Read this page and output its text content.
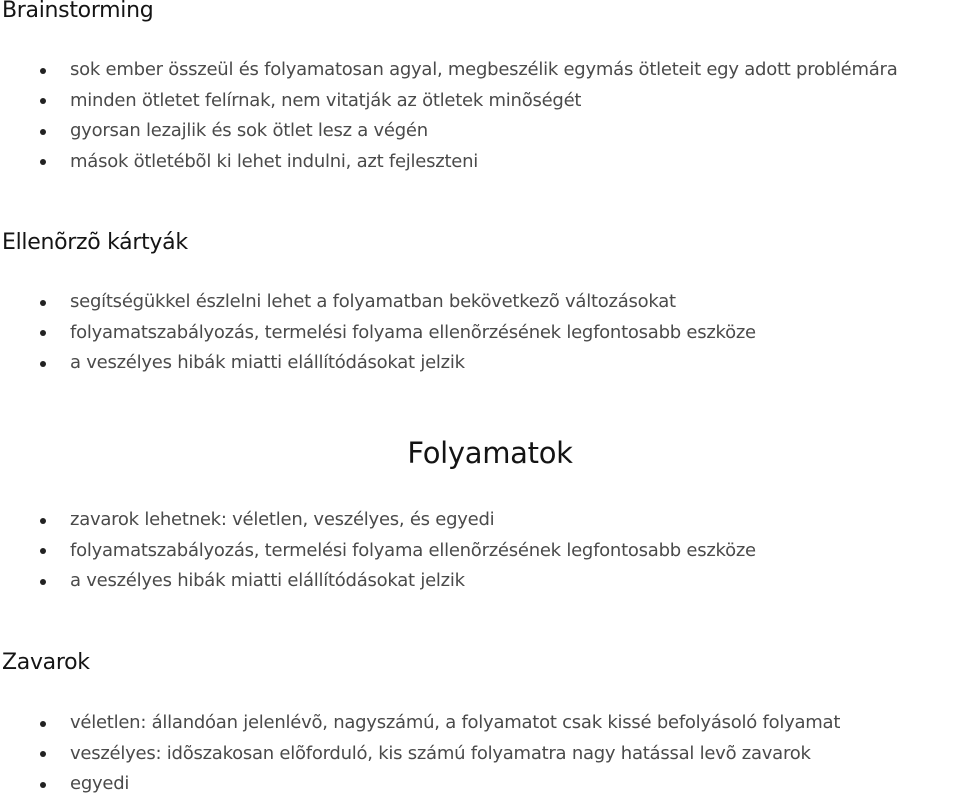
Brainstorming
sok ember összeül és folyamatosan agyal, megbeszélik egymás ötleteit egy adott problémára
minden ötletet felírnak, nem vitatják az ötletek minõségét
gyorsan lezajlik és sok ötlet lesz a végén
mások ötletébõl ki lehet indulni, azt fejleszteni
Ellenõrzõ kártyák
segítségükkel észlelni lehet a folyamatban bekövetkezõ változásokat
folyamatszabályozás, termelési folyama ellenõrzésének legfontosabb eszköze
a veszélyes hibák miatti elállítódásokat jelzik
Folyamatok
zavarok lehetnek: véletlen, veszélyes, és egyedi
folyamatszabályozás, termelési folyama ellenõrzésének legfontosabb eszköze
a veszélyes hibák miatti elállítódásokat jelzik
Zavarok
véletlen: állandóan jelenlévõ, nagyszámú, a folyamatot csak kissé befolyásoló folyamat
veszélyes: idõszakosan elõforduló, kis számú folyamatra nagy hatással levõ zavarok
egyedi
